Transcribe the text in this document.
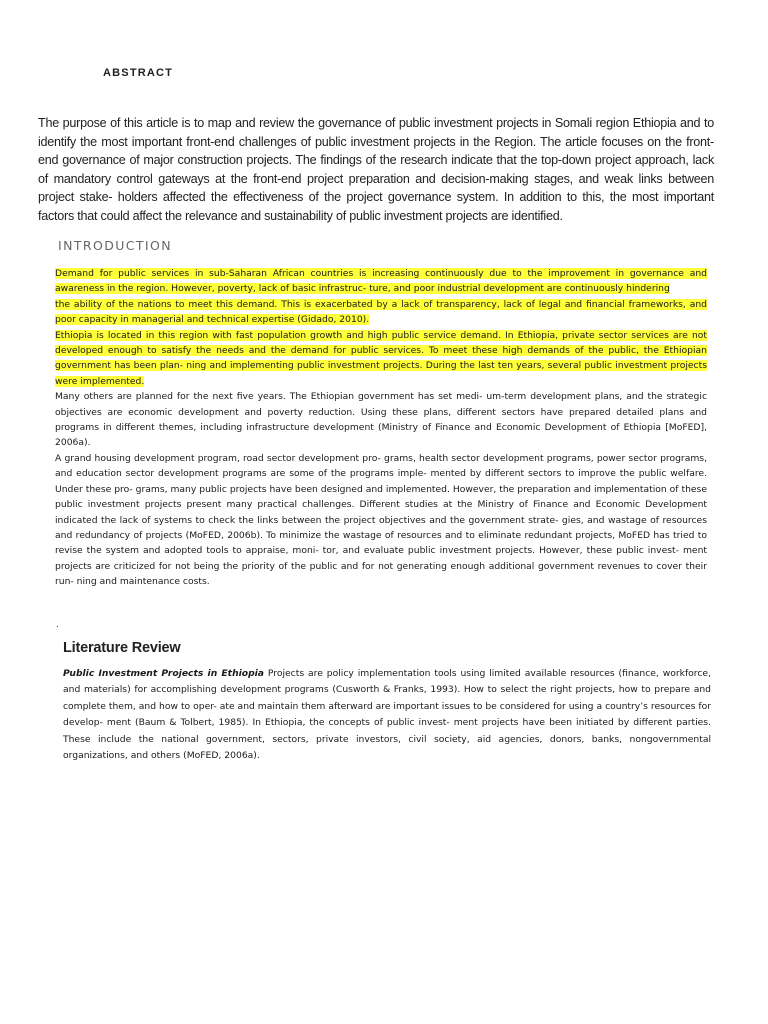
ABSTRACT

The purpose of this article is to map and review the governance of public investment projects in Somali region Ethiopia and to identify the most important front-end challenges of public investment projects in the Region. The article focuses on the front-end governance of major construction projects. The findings of the research indicate that the top-down project approach, lack of mandatory control gateways at the front-end project preparation and decision-making stages, and weak links between project stake- holders affected the effectiveness of the project governance system. In addition to this, the most important factors that could affect the relevance and sustainability of public investment projects are identified.

INTRODUCTION

Demand for public services in sub-Saharan African countries is increasing continuously due to the improvement in governance and awareness in the region. However, poverty, lack of basic infrastruc- ture, and poor industrial development are continuously hindering

the ability of the nations to meet this demand. This is exacerbated by a lack of transparency, lack of legal and financial frameworks, and poor capacity in managerial and technical expertise (Gidado, 2010).

Ethiopia is located in this region with fast population growth and high public service demand. In Ethiopia, private sector services are not developed enough to satisfy the needs and the demand for public services. To meet these high demands of the public, the Ethiopian government has been plan- ning and implementing public investment projects. During the last ten years, several public investment projects were implemented.

Many others are planned for the next five years. The Ethiopian government has set medi- um-term development plans, and the strategic objectives are economic development and poverty reduction. Using these plans, different sectors have prepared detailed plans and programs in different themes, including infrastructure development (Ministry of Finance and Economic Development of Ethiopia [MoFED], 2006a).

A grand housing development program, road sector development pro- grams, health sector development programs, power sector programs, and education sector development programs are some of the programs imple- mented by different sectors to improve the public welfare. Under these pro- grams, many public projects have been designed and implemented. However, the preparation and implementation of these public investment projects present many practical challenges. Different studies at the Ministry of Finance and Economic Development indicated the lack of systems to check the links between the project objectives and the government strate- gies, and wastage of resources and redundancy of projects (MoFED, 2006b). To minimize the wastage of resources and to eliminate redundant projects, MoFED has tried to revise the system and adopted tools to appraise, moni- tor, and evaluate public investment projects. However, these public invest- ment projects are criticized for not being the priority of the public and for not generating enough additional government revenues to cover their run- ning and maintenance costs.

.
Literature Review

Public Investment Projects in Ethiopia Projects are policy implementation tools using limited available resources (finance, workforce, and materials) for accomplishing development programs (Cusworth & Franks, 1993). How to select the right projects, how to prepare and complete them, and how to oper- ate and maintain them afterward are important issues to be considered for using a country’s resources for develop- ment (Baum & Tolbert, 1985). In Ethiopia, the concepts of public invest- ment projects have been initiated by different parties. These include the national government, sectors, private investors, civil society, aid agencies, donors, banks, nongovernmental organizations, and others (MoFED, 2006a).
